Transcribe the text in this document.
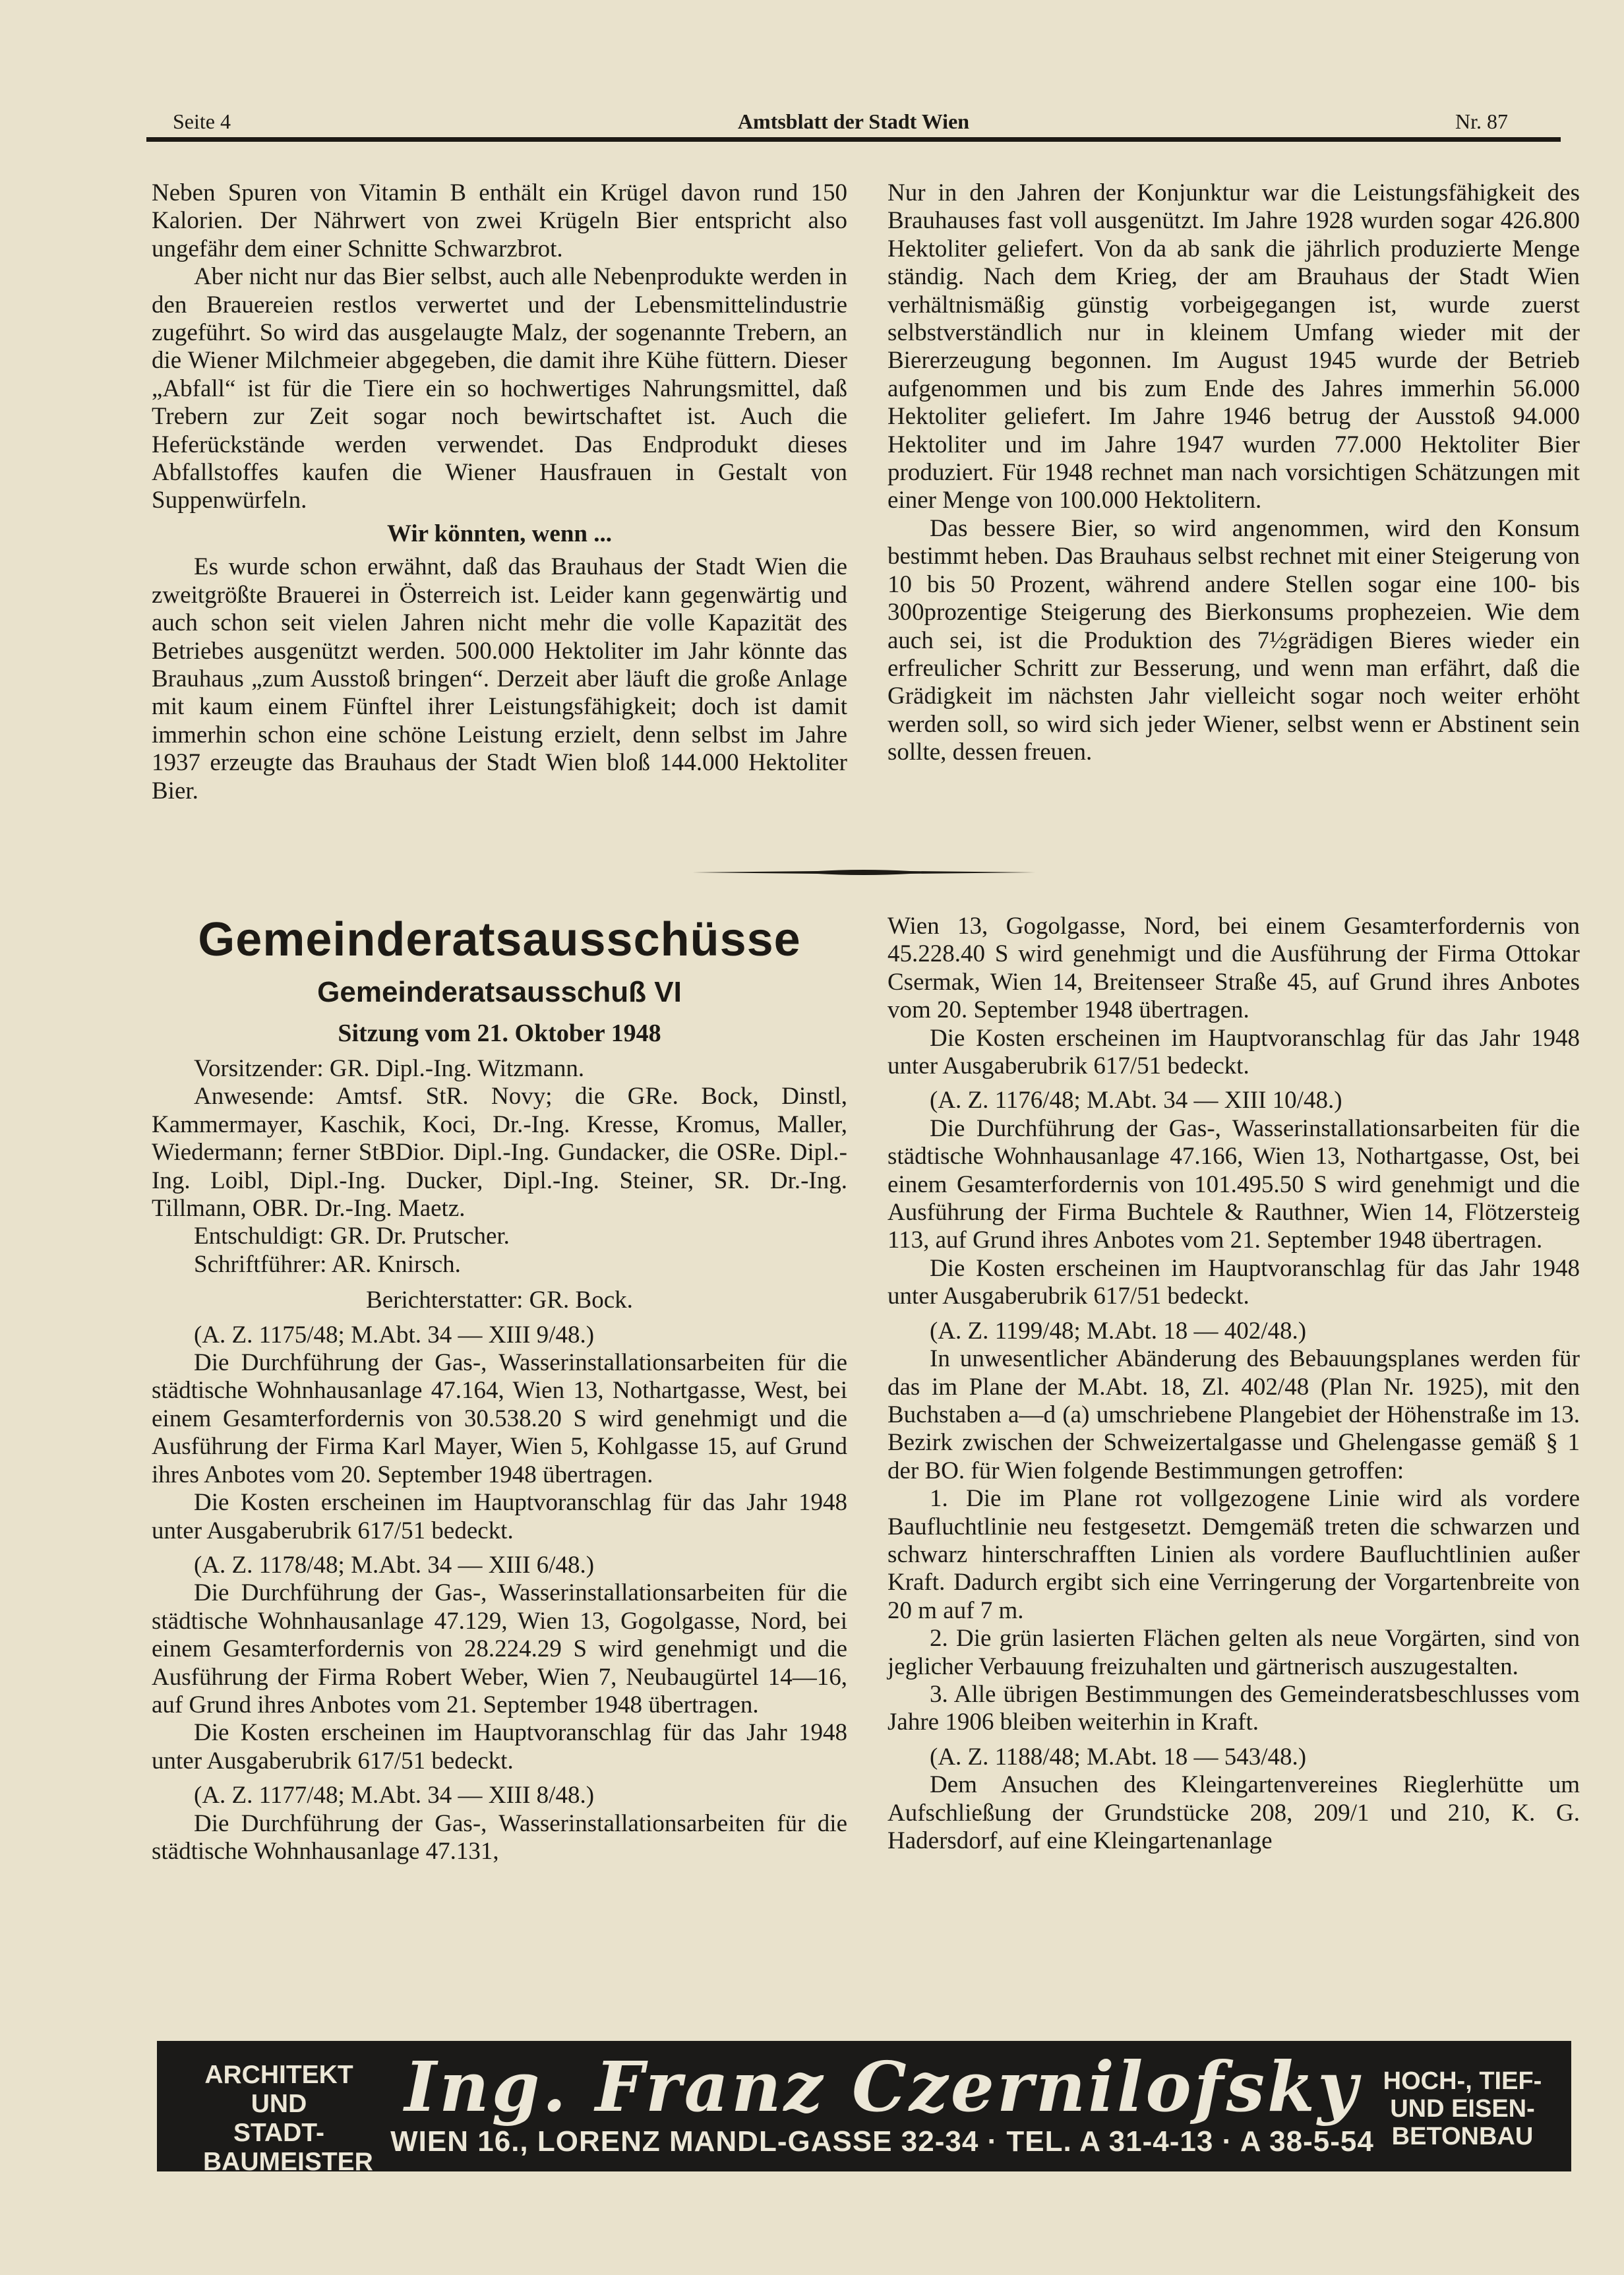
Seite 4	Amtsblatt der Stadt Wien	Nr. 87

Neben Spuren von Vitamin B enthält ein Krügel davon rund 150 Kalorien. Der Nährwert von zwei Krügeln Bier entspricht also ungefähr dem einer Schnitte Schwarzbrot.

Aber nicht nur das Bier selbst, auch alle Nebenprodukte werden in den Brauereien restlos verwertet und der Lebensmittelindustrie zugeführt. So wird das ausgelaugte Malz, der sogenannte Trebern, an die Wiener Milchmeier abgegeben, die damit ihre Kühe füttern. Dieser „Abfall“ ist für die Tiere ein so hochwertiges Nahrungsmittel, daß Trebern zur Zeit sogar noch bewirtschaftet ist. Auch die Heferückstände werden verwendet. Das Endprodukt dieses Abfallstoffes kaufen die Wiener Hausfrauen in Gestalt von Suppenwürfeln.

Wir könnten, wenn ...

Es wurde schon erwähnt, daß das Brauhaus der Stadt Wien die zweitgrößte Brauerei in Österreich ist. Leider kann gegenwärtig und auch schon seit vielen Jahren nicht mehr die volle Kapazität des Betriebes ausgenützt werden. 500.000 Hektoliter im Jahr könnte das Brauhaus „zum Ausstoß bringen“. Derzeit aber läuft die große Anlage mit kaum einem Fünftel ihrer Leistungsfähigkeit; doch ist damit immerhin schon eine schöne Leistung erzielt, denn selbst im Jahre 1937 erzeugte das Brauhaus der Stadt Wien bloß 144.000 Hektoliter Bier.

Nur in den Jahren der Konjunktur war die Leistungsfähigkeit des Brauhauses fast voll ausgenützt. Im Jahre 1928 wurden sogar 426.800 Hektoliter geliefert. Von da ab sank die jährlich produzierte Menge ständig. Nach dem Krieg, der am Brauhaus der Stadt Wien verhältnismäßig günstig vorbeigegangen ist, wurde zuerst selbstverständlich nur in kleinem Umfang wieder mit der Biererzeugung begonnen. Im August 1945 wurde der Betrieb aufgenommen und bis zum Ende des Jahres immerhin 56.000 Hektoliter geliefert. Im Jahre 1946 betrug der Ausstoß 94.000 Hektoliter und im Jahre 1947 wurden 77.000 Hektoliter Bier produziert. Für 1948 rechnet man nach vorsichtigen Schätzungen mit einer Menge von 100.000 Hektolitern.

Das bessere Bier, so wird angenommen, wird den Konsum bestimmt heben. Das Brauhaus selbst rechnet mit einer Steigerung von 10 bis 50 Prozent, während andere Stellen sogar eine 100- bis 300prozentige Steigerung des Bierkonsums prophezeien. Wie dem auch sei, ist die Produktion des 7½grädigen Bieres wieder ein erfreulicher Schritt zur Besserung, und wenn man erfährt, daß die Grädigkeit im nächsten Jahr vielleicht sogar noch weiter erhöht werden soll, so wird sich jeder Wiener, selbst wenn er Abstinent sein sollte, dessen freuen.

Gemeinderatsausschüsse
Gemeinderatsausschuß VI
Sitzung vom 21. Oktober 1948

Vorsitzender: GR. Dipl.-Ing. Witzmann.

Anwesende: Amtsf. StR. Novy; die GRe. Bock, Dinstl, Kammermayer, Kaschik, Koci, Dr.-Ing. Kresse, Kromus, Maller, Wiedermann; ferner StBDior. Dipl.-Ing. Gundacker, die OSRe. Dipl.-Ing. Loibl, Dipl.-Ing. Ducker, Dipl.-Ing. Steiner, SR. Dr.-Ing. Tillmann, OBR. Dr.-Ing. Maetz.

Entschuldigt: GR. Dr. Prutscher.

Schriftführer: AR. Knirsch.

Berichterstatter: GR. Bock.

(A. Z. 1175/48; M.Abt. 34 — XIII 9/48.)

Die Durchführung der Gas-, Wasserinstallationsarbeiten für die städtische Wohnhausanlage 47.164, Wien 13, Nothartgasse, West, bei einem Gesamterfordernis von 30.538.20 S wird genehmigt und die Ausführung der Firma Karl Mayer, Wien 5, Kohlgasse 15, auf Grund ihres Anbotes vom 20. September 1948 übertragen.

Die Kosten erscheinen im Hauptvoranschlag für das Jahr 1948 unter Ausgaberubrik 617/51 bedeckt.

(A. Z. 1178/48; M.Abt. 34 — XIII 6/48.)

Die Durchführung der Gas-, Wasserinstallationsarbeiten für die städtische Wohnhausanlage 47.129, Wien 13, Gogolgasse, Nord, bei einem Gesamterfordernis von 28.224.29 S wird genehmigt und die Ausführung der Firma Robert Weber, Wien 7, Neubaugürtel 14—16, auf Grund ihres Anbotes vom 21. September 1948 übertragen.

Die Kosten erscheinen im Hauptvoranschlag für das Jahr 1948 unter Ausgaberubrik 617/51 bedeckt.

(A. Z. 1177/48; M.Abt. 34 — XIII 8/48.)

Die Durchführung der Gas-, Wasserinstallationsarbeiten für die städtische Wohnhausanlage 47.131,

Wien 13, Gogolgasse, Nord, bei einem Gesamterfordernis von 45.228.40 S wird genehmigt und die Ausführung der Firma Ottokar Csermak, Wien 14, Breitenseer Straße 45, auf Grund ihres Anbotes vom 20. September 1948 übertragen.

Die Kosten erscheinen im Hauptvoranschlag für das Jahr 1948 unter Ausgaberubrik 617/51 bedeckt.

(A. Z. 1176/48; M.Abt. 34 — XIII 10/48.)

Die Durchführung der Gas-, Wasserinstallationsarbeiten für die städtische Wohnhausanlage 47.166, Wien 13, Nothartgasse, Ost, bei einem Gesamterfordernis von 101.495.50 S wird genehmigt und die Ausführung der Firma Buchtele & Rauthner, Wien 14, Flötzersteig 113, auf Grund ihres Anbotes vom 21. September 1948 übertragen.

Die Kosten erscheinen im Hauptvoranschlag für das Jahr 1948 unter Ausgaberubrik 617/51 bedeckt.

(A. Z. 1199/48; M.Abt. 18 — 402/48.)

In unwesentlicher Abänderung des Bebauungsplanes werden für das im Plane der M.Abt. 18, Zl. 402/48 (Plan Nr. 1925), mit den Buchstaben a—d (a) umschriebene Plangebiet der Höhenstraße im 13. Bezirk zwischen der Schweizertalgasse und Ghelengasse gemäß § 1 der BO. für Wien folgende Bestimmungen getroffen:

1. Die im Plane rot vollgezogene Linie wird als vordere Baufluchtlinie neu festgesetzt. Demgemäß treten die schwarzen und schwarz hinterschrafften Linien als vordere Baufluchtlinien außer Kraft. Dadurch ergibt sich eine Verringerung der Vorgartenbreite von 20 m auf 7 m.

2. Die grün lasierten Flächen gelten als neue Vorgärten, sind von jeglicher Verbauung freizuhalten und gärtnerisch auszugestalten.

3. Alle übrigen Bestimmungen des Gemeinderatsbeschlusses vom Jahre 1906 bleiben weiterhin in Kraft.

(A. Z. 1188/48; M.Abt. 18 — 543/48.)

Dem Ansuchen des Kleingartenvereines Rieglerhütte um Aufschließung der Grundstücke 208, 209/1 und 210, K. G. Hadersdorf, auf eine Kleingartenanlage

ARCHITEKT
UND STADT-
BAUMEISTER
Ing. Franz Czernilofsky
WIEN 16., LORENZ MANDL-GASSE 32-34 · TEL. A 31-4-13 · A 38-5-54
HOCH-, TIEF-
UND EISEN-
BETONBAU
